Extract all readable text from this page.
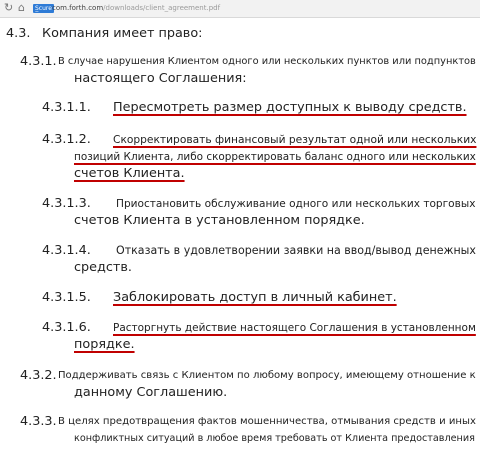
↻ ⌂	S̲cure com.forth.com/downloads/client_agreement.pdf
4.3. Компания имеет право:
4.3.1. В случае нарушения Клиентом одного или нескольких пунктов или подпунктов
настоящего Соглашения:
4.3.1.1. Пересмотреть размер доступных к выводу средств.
4.3.1.2. Скорректировать финансовый результат одной или нескольких
позиций Клиента, либо скорректировать баланс одного или нескольких
счетов Клиента.
4.3.1.3. Приостановить обслуживание одного или нескольких торговых
счетов Клиента в установленном порядке.
4.3.1.4. Отказать в удовлетворении заявки на ввод/вывод денежных
средств.
4.3.1.5. Заблокировать доступ в личный кабинет.
4.3.1.6. Расторгнуть действие настоящего Соглашения в установленном
порядке.
4.3.2. Поддерживать связь с Клиентом по любому вопросу, имеющему отношение к
данному Соглашению.
4.3.3. В целях предотвращения фактов мошенничества, отмывания средств и иных
конфликтных ситуаций в любое время требовать от Клиента предоставления
